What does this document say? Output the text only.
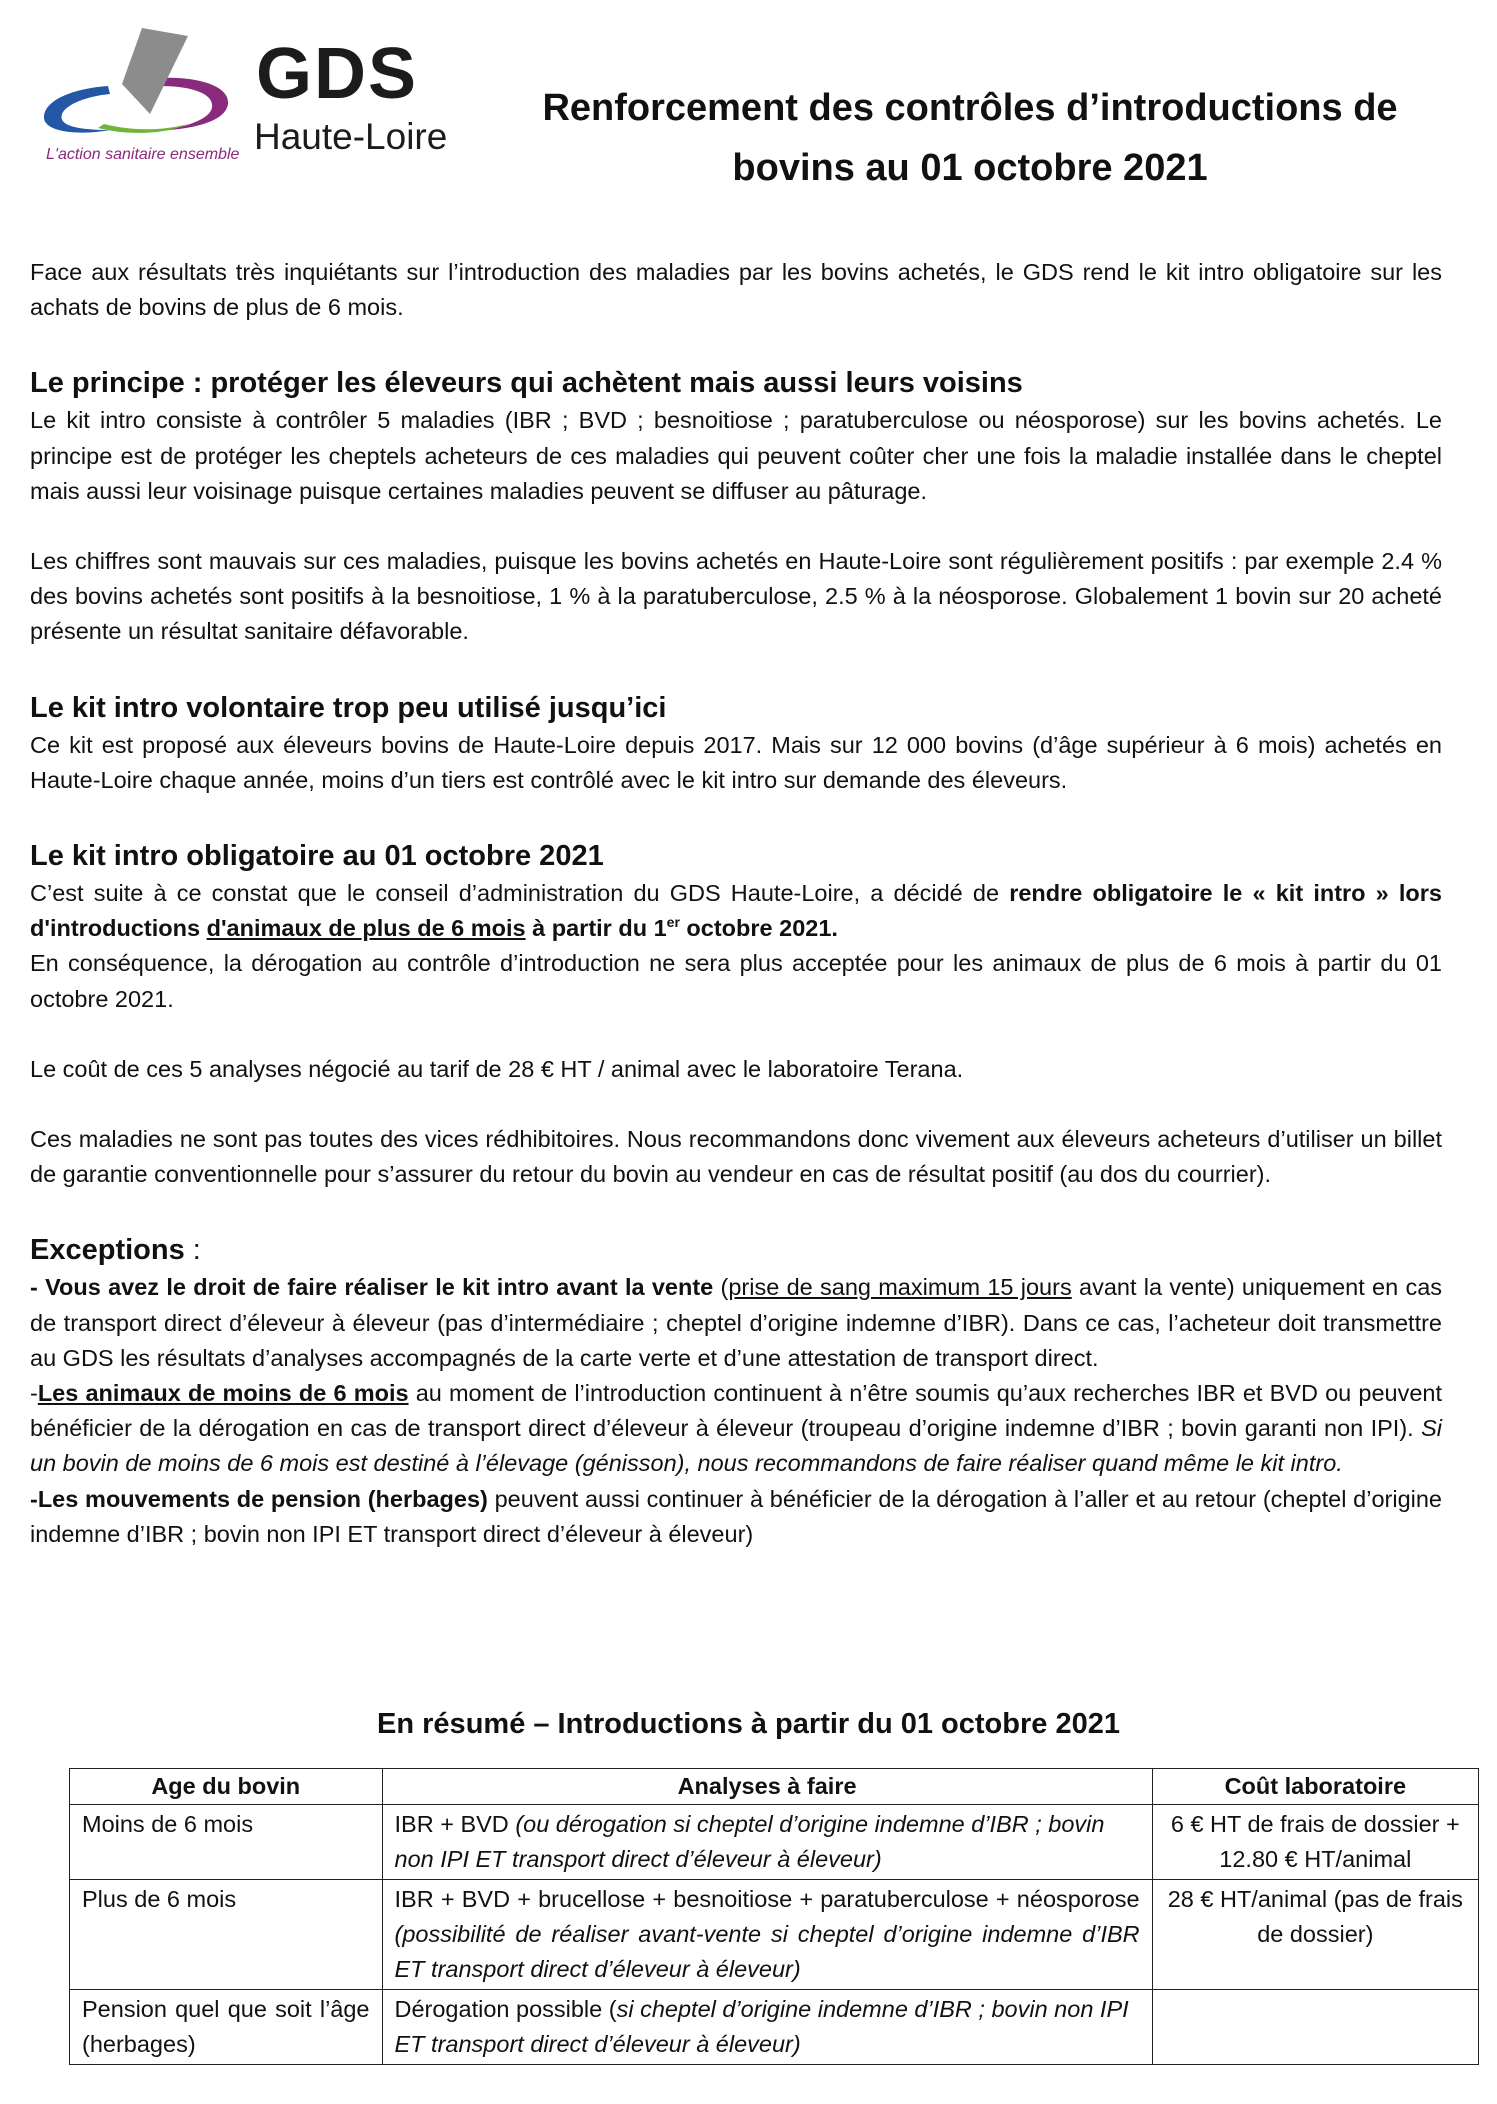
GDS
Haute-Loire
L'action sanitaire ensemble
Renforcement des contrôles d’introductions de
bovins au 01 octobre 2021

Face aux résultats très inquiétants sur l’introduction des maladies par les bovins achetés, le GDS rend le kit intro obligatoire sur les achats de bovins de plus de 6 mois.

Le principe : protéger les éleveurs qui achètent mais aussi leurs voisins

Le kit intro consiste à contrôler 5 maladies (IBR ; BVD ; besnoitiose ; paratuberculose ou néosporose) sur les bovins achetés. Le principe est de protéger les cheptels acheteurs de ces maladies qui peuvent coûter cher une fois la maladie installée dans le cheptel mais aussi leur voisinage puisque certaines maladies peuvent se diffuser au pâturage.

Les chiffres sont mauvais sur ces maladies, puisque les bovins achetés en Haute-Loire sont régulièrement positifs : par exemple 2.4 % des bovins achetés sont positifs à la besnoitiose, 1 % à la paratuberculose, 2.5 % à la néosporose. Globalement 1 bovin sur 20 acheté présente un résultat sanitaire défavorable.

Le kit intro volontaire trop peu utilisé jusqu’ici

Ce kit est proposé aux éleveurs bovins de Haute-Loire depuis 2017. Mais sur 12 000 bovins (d’âge supérieur à 6 mois) achetés en Haute-Loire chaque année, moins d’un tiers est contrôlé avec le kit intro sur demande des éleveurs.

Le kit intro obligatoire au 01 octobre 2021

C’est suite à ce constat que le conseil d’administration du GDS Haute-Loire, a décidé de rendre obligatoire le « kit intro » lors d'introductions d'animaux de plus de 6 mois à partir du 1er octobre 2021.

En conséquence, la dérogation au contrôle d’introduction ne sera plus acceptée pour les animaux de plus de 6 mois à partir du 01 octobre 2021.

Le coût de ces 5 analyses négocié au tarif de 28 € HT / animal avec le laboratoire Terana.

Ces maladies ne sont pas toutes des vices rédhibitoires. Nous recommandons donc vivement aux éleveurs acheteurs d’utiliser un billet de garantie conventionnelle pour s’assurer du retour du bovin au vendeur en cas de résultat positif (au dos du courrier).

Exceptions :

- Vous avez le droit de faire réaliser le kit intro avant la vente (prise de sang maximum 15 jours avant la vente) uniquement en cas de transport direct d’éleveur à éleveur (pas d’intermédiaire ; cheptel d’origine indemne d’IBR). Dans ce cas, l’acheteur doit transmettre au GDS les résultats d’analyses accompagnés de la carte verte et d’une attestation de transport direct.

-Les animaux de moins de 6 mois au moment de l’introduction continuent à n’être soumis qu’aux recherches IBR et BVD ou peuvent bénéficier de la dérogation en cas de transport direct d’éleveur à éleveur (troupeau d’origine indemne d’IBR ; bovin garanti non IPI). Si un bovin de moins de 6 mois est destiné à l’élevage (génisson), nous recommandons de faire réaliser quand même le kit intro.

-Les mouvements de pension (herbages) peuvent aussi continuer à bénéficier de la dérogation à l’aller et au retour (cheptel d’origine indemne d’IBR ; bovin non IPI ET transport direct d’éleveur à éleveur)

En résumé – Introductions à partir du 01 octobre 2021
Age du bovin	Analyses à faire	Coût laboratoire
Moins de 6 mois	IBR + BVD (ou dérogation si cheptel d’origine indemne d’IBR ; bovin non IPI ET transport direct d’éleveur à éleveur)	6 € HT de frais de dossier + 12.80 € HT/animal
Plus de 6 mois	IBR + BVD + brucellose + besnoitiose + paratuberculose + néosporose (possibilité de réaliser avant-vente si cheptel d’origine indemne d’IBR ET transport direct d’éleveur à éleveur)	28 € HT/animal (pas de frais de dossier)
Pension quel que soit l’âge (herbages)	Dérogation possible (si cheptel d’origine indemne d’IBR ; bovin non IPI ET transport direct d’éleveur à éleveur)	
